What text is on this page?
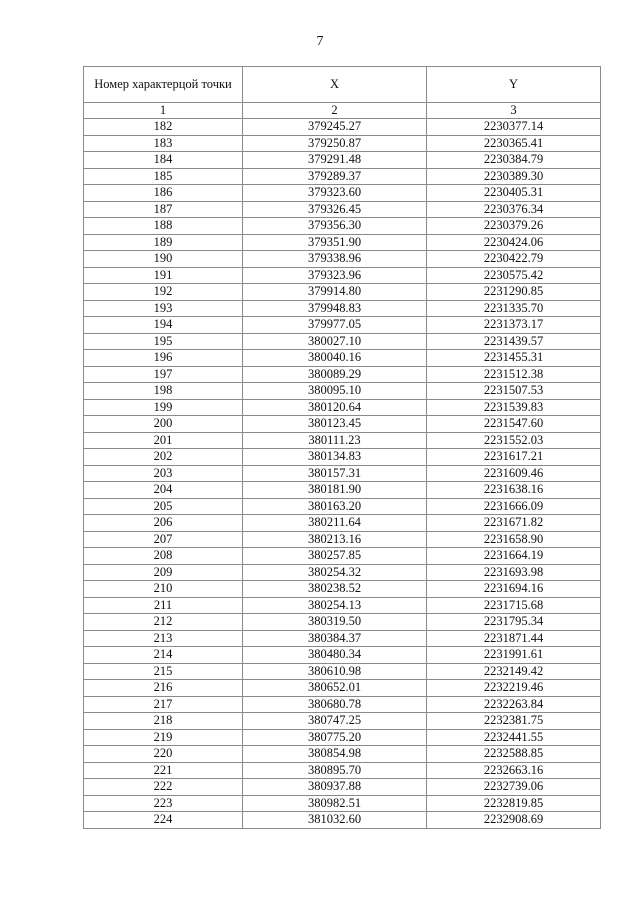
7
Номер характерцой точки	X	Y
1	2	3
182	379245.27	2230377.14
183	379250.87	2230365.41
184	379291.48	2230384.79
185	379289.37	2230389.30
186	379323.60	2230405.31
187	379326.45	2230376.34
188	379356.30	2230379.26
189	379351.90	2230424.06
190	379338.96	2230422.79
191	379323.96	2230575.42
192	379914.80	2231290.85
193	379948.83	2231335.70
194	379977.05	2231373.17
195	380027.10	2231439.57
196	380040.16	2231455.31
197	380089.29	2231512.38
198	380095.10	2231507.53
199	380120.64	2231539.83
200	380123.45	2231547.60
201	380111.23	2231552.03
202	380134.83	2231617.21
203	380157.31	2231609.46
204	380181.90	2231638.16
205	380163.20	2231666.09
206	380211.64	2231671.82
207	380213.16	2231658.90
208	380257.85	2231664.19
209	380254.32	2231693.98
210	380238.52	2231694.16
211	380254.13	2231715.68
212	380319.50	2231795.34
213	380384.37	2231871.44
214	380480.34	2231991.61
215	380610.98	2232149.42
216	380652.01	2232219.46
217	380680.78	2232263.84
218	380747.25	2232381.75
219	380775.20	2232441.55
220	380854.98	2232588.85
221	380895.70	2232663.16
222	380937.88	2232739.06
223	380982.51	2232819.85
224	381032.60	2232908.69
